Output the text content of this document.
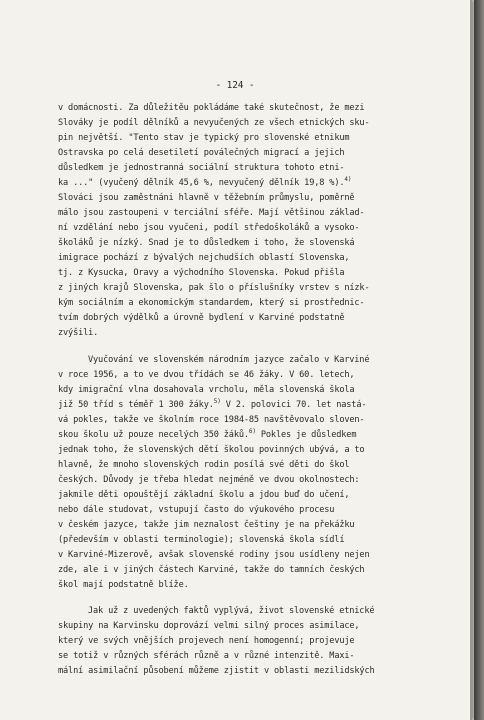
- 124 -
v domácnosti. Za důležitěu pokládáme také skutečnost, že mezi
Slováky je podíl dělníků a nevyučených ze všech etnických sku-
pin největší. "Tento stav je typický pro slovenské etnikum
Ostravska po celá desetiletí poválečných migrací a jejich
důsledkem je jednostranná sociální struktura tohoto etni-
ka ..." (vyučený dělník 45,6 %, nevyučený dělník 19,8 %).$^{4)}$
Slováci jsou zaměstnáni hlavně v těžebním průmyslu, poměrně
málo jsou zastoupeni v terciální sféře. Mají většinou základ-
ní vzdělání nebo jsou vyučeni, podíl středoškoláků a vysoko-
školáků je nízký. Snad je to důsledkem i toho, že slovenská
imigrace pochází z bývalých nejchudších oblastí Slovenska,
tj. z Kysucka, Oravy a východního Slovenska. Pokud přišla
z jiných krajů Slovenska, pak šlo o příslušníky vrstev s nízk-
kým sociálním a ekonomickým standardem, který si prostřednic-
tvím dobrých výdělků a úrovně bydlení v Karviné podstatně
zvýšili.
Vyučování ve slovenském národním jazyce začalo v Karviné
v roce 1956, a to ve dvou třídách se 46 žáky. V 60. letech,
kdy imigrační vlna dosahovala vrcholu, měla slovenská škola
již 50 tříd s téměř 1 300 žáky.$^{5)}$ V 2. polovici 70. let nastá-
vá pokles, takže ve školním roce 1984-85 navštěvovalo sloven-
skou školu už pouze necelých 350 žáků.$^{6)}$ Pokles je důsledkem
jednak toho, že slovenských dětí školou povinných ubývá, a to
hlavně, že mnoho slovenských rodin posílá své děti do škol
českých. Důvody je třeba hledat nejméně ve dvou okolnostech:
jakmile děti opouštějí základní školu a jdou buď do učení,
nebo dále studovat, vstupují často do výukového procesu
v českém jazyce, takže jim neznalost češtiny je na překážku
(především v oblasti terminologie); slovenská škola sídlí
v Karviné-Mizerově, avšak slovenské rodiny jsou usídleny nejen
zde, ale i v jiných částech Karviné, takže do tamních českých
škol mají podstatně blíže.
Jak už z uvedených faktů vyplývá, život slovenské etnické
skupiny na Karvinsku doprovází velmi silný proces asimilace,
který ve svých vnějších projevech není homogenní; projevuje
se totiž v různých sférách různě a v různé intenzitě. Maxi-
mální asimilační působení můžeme zjistit v oblasti mezilidských
